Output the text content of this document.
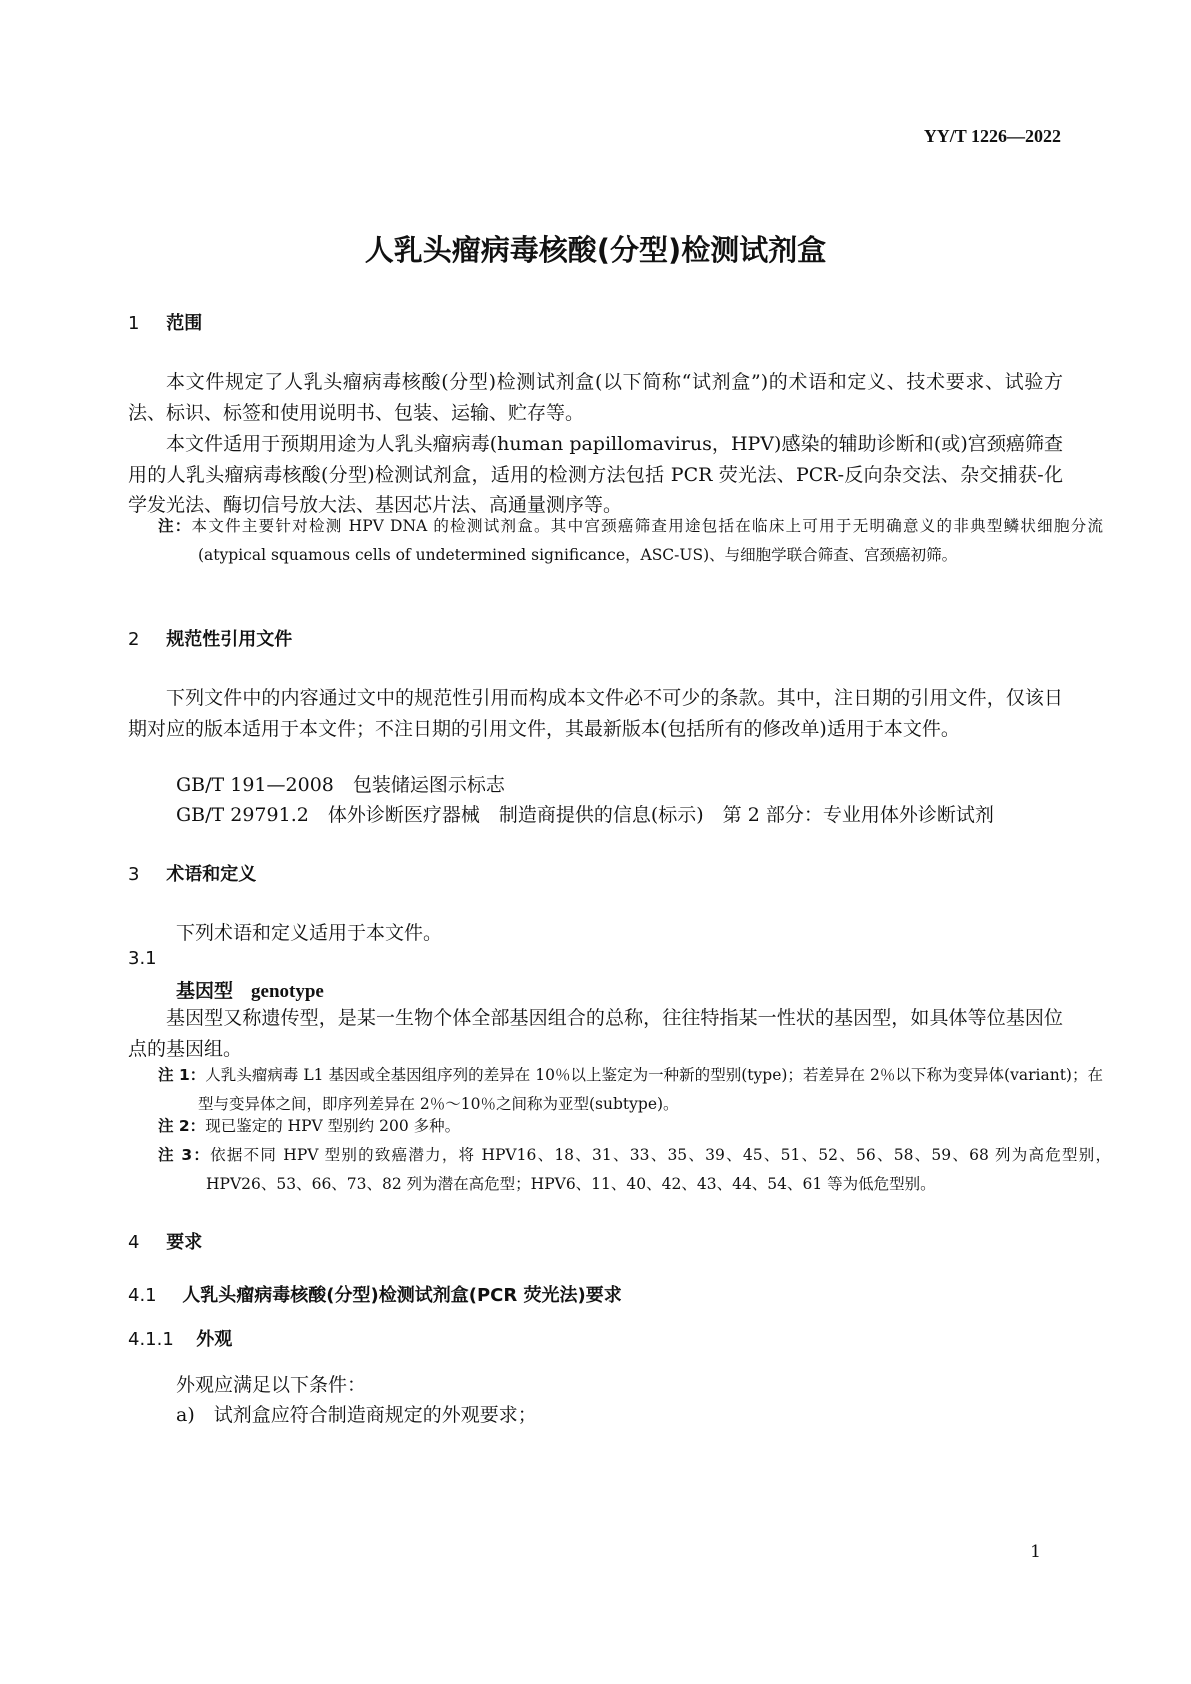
YY/T 1226—2022
人乳头瘤病毒核酸(分型)检测试剂盒
1 范围

本文件规定了人乳头瘤病毒核酸(分型)检测试剂盒(以下简称“试剂盒”)的术语和定义、技术要求、试验方法、标识、标签和使用说明书、包装、运输、贮存等。

本文件适用于预期用途为人乳头瘤病毒(human papillomavirus，HPV)感染的辅助诊断和(或)宫颈癌筛查用的人乳头瘤病毒核酸(分型)检测试剂盒，适用的检测方法包括 PCR 荧光法、PCR-反向杂交法、杂交捕获-化学发光法、酶切信号放大法、基因芯片法、高通量测序等。

注：本文件主要针对检测 HPV DNA 的检测试剂盒。其中宫颈癌筛查用途包括在临床上可用于无明确意义的非典型鳞状细胞分流(atypical squamous cells of undetermined significance，ASC-US)、与细胞学联合筛查、宫颈癌初筛。
2 规范性引用文件

下列文件中的内容通过文中的规范性引用而构成本文件必不可少的条款。其中，注日期的引用文件，仅该日期对应的版本适用于本文件；不注日期的引用文件，其最新版本(包括所有的修改单)适用于本文件。

GB/T 191—2008　包装储运图示标志
GB/T 29791.2　体外诊断医疗器械　制造商提供的信息(标示)　第 2 部分：专业用体外诊断试剂
3 术语和定义
下列术语和定义适用于本文件。
3.1
基因型 genotype

基因型又称遗传型，是某一生物个体全部基因组合的总称，往往特指某一性状的基因型，如具体等位基因位点的基因组。

注 1：人乳头瘤病毒 L1 基因或全基因组序列的差异在 10％以上鉴定为一种新的型别(type)；若差异在 2％以下称为变异体(variant)；在型与变异体之间，即序列差异在 2％～10％之间称为亚型(subtype)。
注 2：现已鉴定的 HPV 型别约 200 多种。
注 3：依据不同 HPV 型别的致癌潜力，将 HPV16、18、31、33、35、39、45、51、52、56、58、59、68 列为高危型别，HPV26、53、66、73、82 列为潜在高危型；HPV6、11、40、42、43、44、54、61 等为低危型别。
4 要求
4.1 人乳头瘤病毒核酸(分型)检测试剂盒(PCR 荧光法)要求
4.1.1 外观
外观应满足以下条件：
a)　试剂盒应符合制造商规定的外观要求；
1
